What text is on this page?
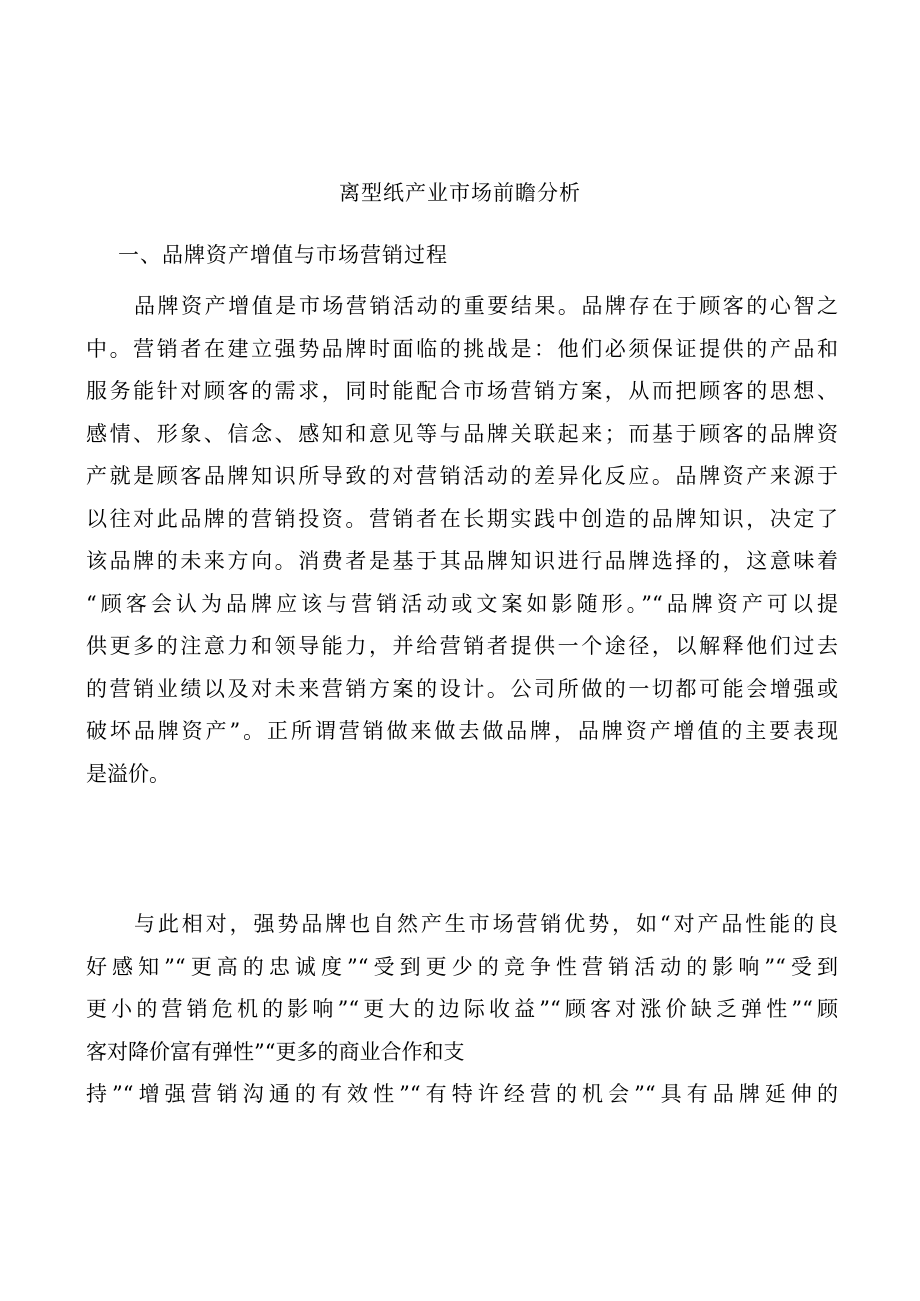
离型纸产业市场前瞻分析
一、品牌资产增值与市场营销过程
品牌资产增值是市场营销活动的重要结果。品牌存在于顾客的心智之
中。营销者在建立强势品牌时面临的挑战是：他们必须保证提供的产品和
服务能针对顾客的需求，同时能配合市场营销方案，从而把顾客的思想、
感情、形象、信念、感知和意见等与品牌关联起来；而基于顾客的品牌资
产就是顾客品牌知识所导致的对营销活动的差异化反应。品牌资产来源于
以往对此品牌的营销投资。营销者在长期实践中创造的品牌知识，决定了
该品牌的未来方向。消费者是基于其品牌知识进行品牌选择的，这意味着
“顾客会认为品牌应该与营销活动或文案如影随形。”“品牌资产可以提
供更多的注意力和领导能力，并给营销者提供一个途径，以解释他们过去
的营销业绩以及对未来营销方案的设计。公司所做的一切都可能会增强或
破坏品牌资产”。正所谓营销做来做去做品牌，品牌资产增值的主要表现
是溢价。
与此相对，强势品牌也自然产生市场营销优势，如“对产品性能的良
好感知”“更高的忠诚度”“受到更少的竞争性营销活动的影响”“受到
更小的营销危机的影响”“更大的边际收益”“顾客对涨价缺乏弹性”“顾
客对降价富有弹性”“更多的商业合作和支
持”“增强营销沟通的有效性”“有特许经营的机会”“具有品牌延伸的
